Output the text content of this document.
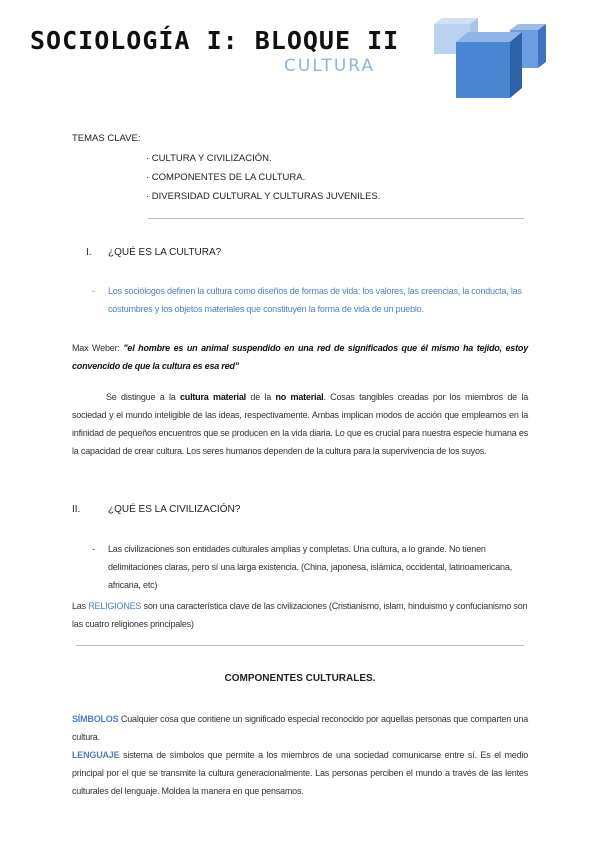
SOCIOLOGÍA I: BLOQUE II
CULTURA
TEMAS CLAVE:
· CULTURA Y CIVILIZACIÓN.
· COMPONENTES DE LA CULTURA.
· DIVERSIDAD CULTURAL Y CULTURAS JUVENILES.
I. ¿QUÉ ES LA CULTURA?
- Los sociólogos definen la cultura como diseños de formas de vida: los valores, las creencias, la conducta, las costumbres y los objetos materiales que constituyen la forma de vida de un pueblo.
Max Weber: "el hombre es un animal suspendido en una red de significados que él mismo ha tejido, estoy convencido de que la cultura es esa red"
Se distingue a la cultura material de la no material. Cosas tangibles creadas por los miembros de la sociedad y el mundo inteligible de las ideas, respectivamente. Ambas implican modos de acción que empleamos en la infinidad de pequeños encuentros que se producen en la vida diaria. Lo que es crucial para nuestra especie humana es la capacidad de crear cultura. Los seres humanos dependen de la cultura para la supervivencia de los suyos.
II.	¿QUÉ ES LA CIVILIZACIÓN?
- Las civilizaciones son entidades culturales amplias y completas. Una cultura, a lo grande. No tienen delimitaciones claras, pero sí una larga existencia. (China, japonesa, islámica, occidental, latinoamericana, africana, etc)
Las RELIGIONES son una característica clave de las civilizaciones (Cristianismo, islam, hinduismo y confucianismo son las cuatro religiones principales)
COMPONENTES CULTURALES.
SÍMBOLOS Cualquier cosa que contiene un significado especial reconocido por aquellas personas que comparten una cultura.
LENGUAJE sistema de símbolos que permite a los miembros de una sociedad comunicarse entre sí. Es el medio principal por el que se transmite la cultura generacionalmente. Las personas perciben el mundo a través de las lentes culturales del lenguaje. Moldea la manera en que pensamos.
